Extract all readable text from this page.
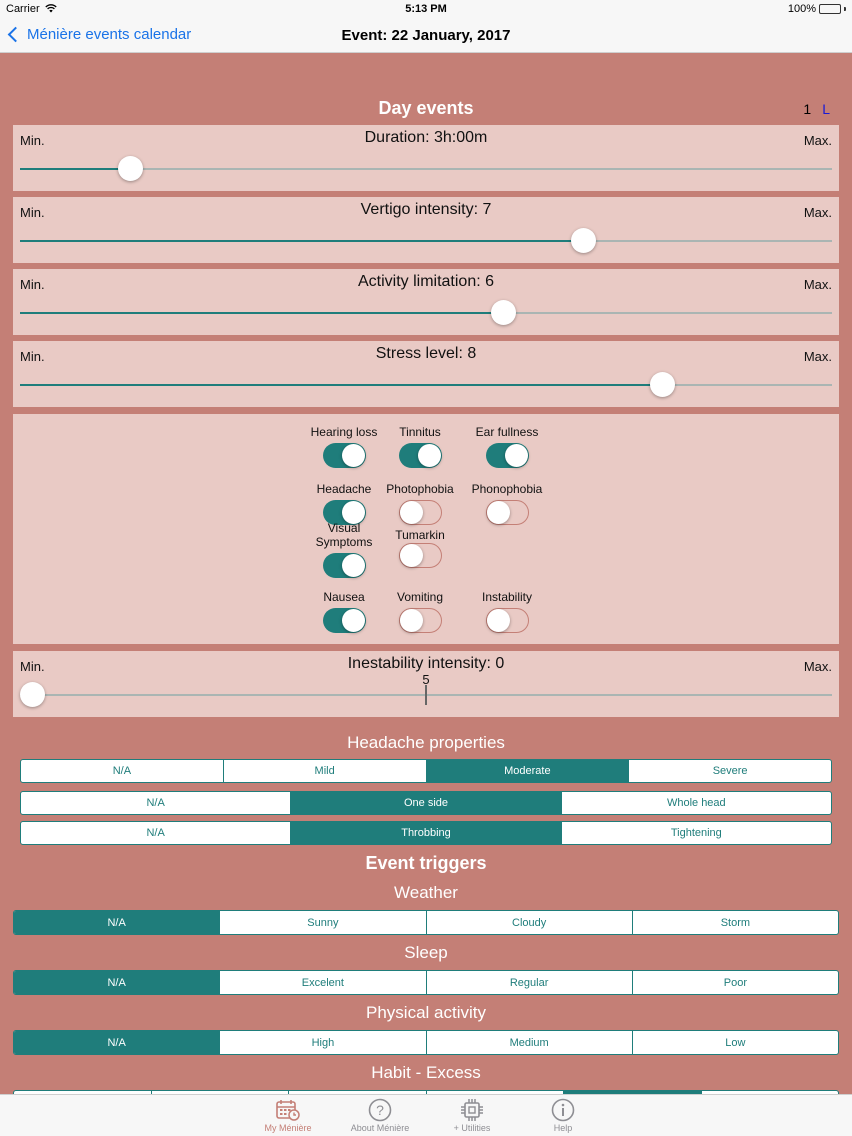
Carrier	5:13 PM	100%
Ménière events calendar	Event: 22 January, 2017
Day events	1 L
Min.	Duration: 3h:00m	Max.
Min.	Vertigo intensity: 7	Max.
Min.	Activity limitation: 6	Max.
Min.	Stress level: 8	Max.
Hearing loss	Tinnitus	Ear fullness
Headache	Photophobia	Phonophobia
Visual Symptoms	Tumarkin
Nausea	Vomiting	Instability
Min.	Inestability intensity: 0	Max.
5
Headache properties
N/A	Mild	Moderate	Severe
N/A	One side	Whole head
N/A	Throbbing	Tightening
Event triggers
Weather
N/A	Sunny	Cloudy	Storm
Sleep
N/A	Excelent	Regular	Poor
Physical activity
N/A	High	Medium	Low
Habit - Excess
My Ménière
?
About Ménière	+ Utilities	Help
